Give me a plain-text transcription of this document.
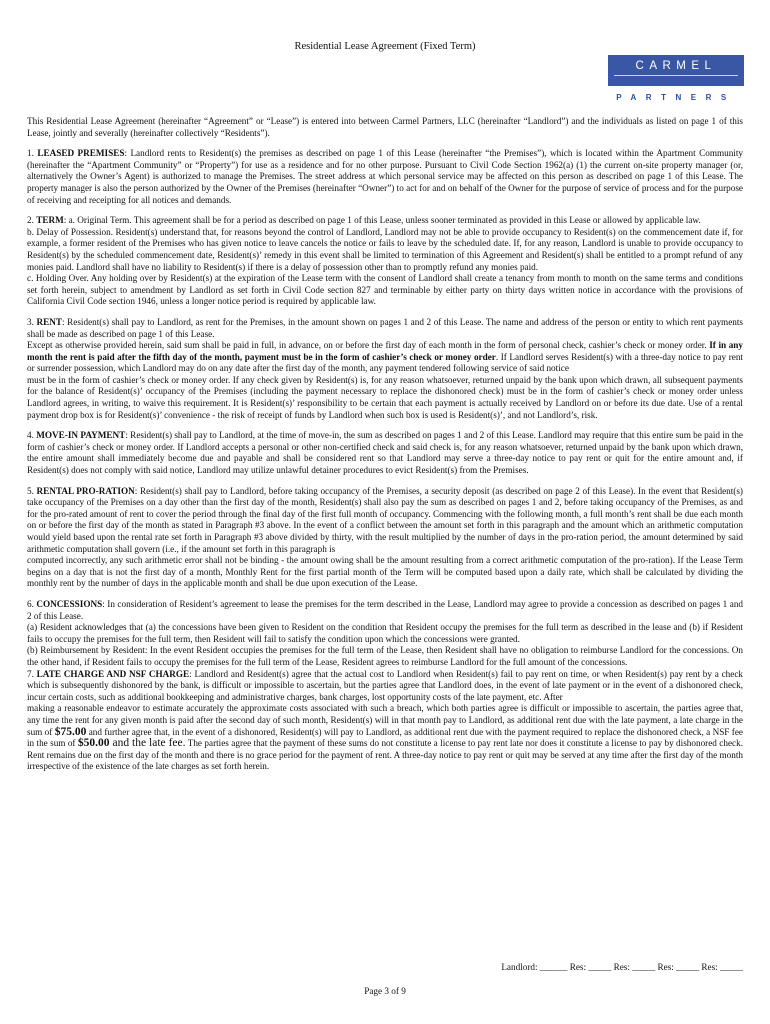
Residential Lease Agreement (Fixed Term)
CARMEL
PARTNERS

This Residential Lease Agreement (hereinafter “Agreement” or “Lease”) is entered into between Carmel Partners, LLC (hereinafter “Landlord”) and the individuals as listed on page 1 of this Lease, jointly and severally (hereinafter collectively “Residents”).

1. LEASED PREMISES: Landlord rents to Resident(s) the premises as described on page 1 of this Lease (hereinafter “the Premises”), which is located within the Apartment Community (hereinafter the “Apartment Community” or “Property”) for use as a residence and for no other purpose. Pursuant to Civil Code Section 1962(a) (1) the current on-site property manager (or, alternatively the Owner’s Agent) is authorized to manage the Premises. The street address at which personal service may be affected on this person as described on page 1 of this Lease. The property manager is also the person authorized by the Owner of the Premises (hereinafter “Owner”) to act for and on behalf of the Owner for the purpose of service of process and for the purpose of receiving and receipting for all notices and demands.

2. TERM: a. Original Term. This agreement shall be for a period as described on page 1 of this Lease, unless sooner terminated as provided in this Lease or allowed by applicable law.

b. Delay of Possession. Resident(s) understand that, for reasons beyond the control of Landlord, Landlord may not be able to provide occupancy to Resident(s) on the commencement date if, for example, a former resident of the Premises who has given notice to leave cancels the notice or fails to leave by the scheduled date. If, for any reason, Landlord is unable to provide occupancy to Resident(s) by the scheduled commencement date, Resident(s)’ remedy in this event shall be limited to termination of this Agreement and Resident(s) shall be entitled to a prompt refund of any monies paid. Landlord shall have no liability to Resident(s) if there is a delay of possession other than to promptly refund any monies paid.

c. Holding Over. Any holding over by Resident(s) at the expiration of the Lease term with the consent of Landlord shall create a tenancy from month to month on the same terms and conditions set forth herein, subject to amendment by Landlord as set forth in Civil Code section 827 and terminable by either party on thirty days written notice in accordance with the provisions of California Civil Code section 1946, unless a longer notice period is required by applicable law.

3. RENT: Resident(s) shall pay to Landlord, as rent for the Premises, in the amount shown on pages 1 and 2 of this Lease. The name and address of the person or entity to which rent payments shall be made as described on page 1 of this Lease.

Except as otherwise provided herein, said sum shall be paid in full, in advance, on or before the first day of each month in the form of personal check, cashier’s check or money order. If in any month the rent is paid after the fifth day of the month, payment must be in the form of cashier’s check or money order. If Landlord serves Resident(s) with a three-day notice to pay rent or surrender possession, which Landlord may do on any date after the first day of the month, any payment tendered following service of said notice

must be in the form of cashier’s check or money order. If any check given by Resident(s) is, for any reason whatsoever, returned unpaid by the bank upon which drawn, all subsequent payments for the balance of Resident(s)’ occupancy of the Premises (including the payment necessary to replace the dishonored check) must be in the form of cashier’s check or money order unless Landlord agrees, in writing, to waive this requirement. It is Resident(s)’ responsibility to be certain that each payment is actually received by Landlord on or before its due date. Use of a rental payment drop box is for Resident(s)’ convenience - the risk of receipt of funds by Landlord when such box is used is Resident(s)’, and not Landlord’s, risk.

4. MOVE-IN PAYMENT: Resident(s) shall pay to Landlord, at the time of move-in, the sum as described on pages 1 and 2 of this Lease. Landlord may require that this entire sum be paid in the form of cashier’s check or money order. If Landlord accepts a personal or other non-certified check and said check is, for any reason whatsoever, returned unpaid by the bank upon which drawn, the entire amount shall immediately become due and payable and shall be considered rent so that Landlord may serve a three-day notice to pay rent or quit for the entire amount and, if Resident(s) does not comply with said notice, Landlord may utilize unlawful detainer procedures to evict Resident(s) from the Premises.

5. RENTAL PRO-RATION: Resident(s) shall pay to Landlord, before taking occupancy of the Premises, a security deposit (as described on page 2 of this Lease). In the event that Resident(s) take occupancy of the Premises on a day other than the first day of the month, Resident(s) shall also pay the sum as described on pages 1 and 2, before taking occupancy of the Premises, as and for the pro-rated amount of rent to cover the period through the final day of the first full month of occupancy. Commencing with the following month, a full month’s rent shall be due each month on or before the first day of the month as stated in Paragraph #3 above. In the event of a conflict between the amount set forth in this paragraph and the amount which an arithmetic computation would yield based upon the rental rate set forth in Paragraph #3 above divided by thirty, with the result multiplied by the number of days in the pro-ration period, the amount determined by said arithmetic computation shall govern (i.e., if the amount set forth in this paragraph is

computed incorrectly, any such arithmetic error shall not be binding - the amount owing shall be the amount resulting from a correct arithmetic computation of the pro-ration). If the Lease Term begins on a day that is not the first day of a month, Monthly Rent for the first partial month of the Term will be computed based upon a daily rate, which shall be calculated by dividing the monthly rent by the number of days in the applicable month and shall be due upon execution of the Lease.

6. CONCESSIONS: In consideration of Resident’s agreement to lease the premises for the term described in the Lease, Landlord may agree to provide a concession as described on pages 1 and 2 of this Lease.

(a) Resident acknowledges that (a) the concessions have been given to Resident on the condition that Resident occupy the premises for the full term as described in the lease and (b) if Resident fails to occupy the premises for the full term, then Resident will fail to satisfy the condition upon which the concessions were granted.

(b) Reimbursement by Resident: In the event Resident occupies the premises for the full term of the Lease, then Resident shall have no obligation to reimburse Landlord for the concessions. On the other hand, if Resident fails to occupy the premises for the full term of the Lease, Resident agrees to reimburse Landlord for the full amount of the concessions.

7. LATE CHARGE AND NSF CHARGE: Landlord and Resident(s) agree that the actual cost to Landlord when Resident(s) fail to pay rent on time, or when Resident(s) pay rent by a check which is subsequently dishonored by the bank, is difficult or impossible to ascertain, but the parties agree that Landlord does, in the event of late payment or in the event of a dishonored check, incur certain costs, such as additional bookkeeping and administrative charges, bank charges, lost opportunity costs of the late payment, etc. After

making a reasonable endeavor to estimate accurately the approximate costs associated with such a breach, which both parties agree is difficult or impossible to ascertain, the parties agree that, any time the rent for any given month is paid after the second day of such month, Resident(s) will in that month pay to Landlord, as additional rent due with the late payment, a late charge in the sum of $75.00 and further agree that, in the event of a dishonored, Resident(s) will pay to Landlord, as additional rent due with the payment required to replace the dishonored check, a NSF fee in the sum of $50.00 and the late fee. The parties agree that the payment of these sums do not constitute a license to pay rent late nor does it constitute a license to pay by dishonored check. Rent remains due on the first day of the month and there is no grace period for the payment of rent. A three-day notice to pay rent or quit may be served at any time after the first day of the month irrespective of the existence of the late charges as set forth herein.

Landlord: ______ Res: _____ Res: _____ Res: _____ Res: _____
Page 3 of 9
